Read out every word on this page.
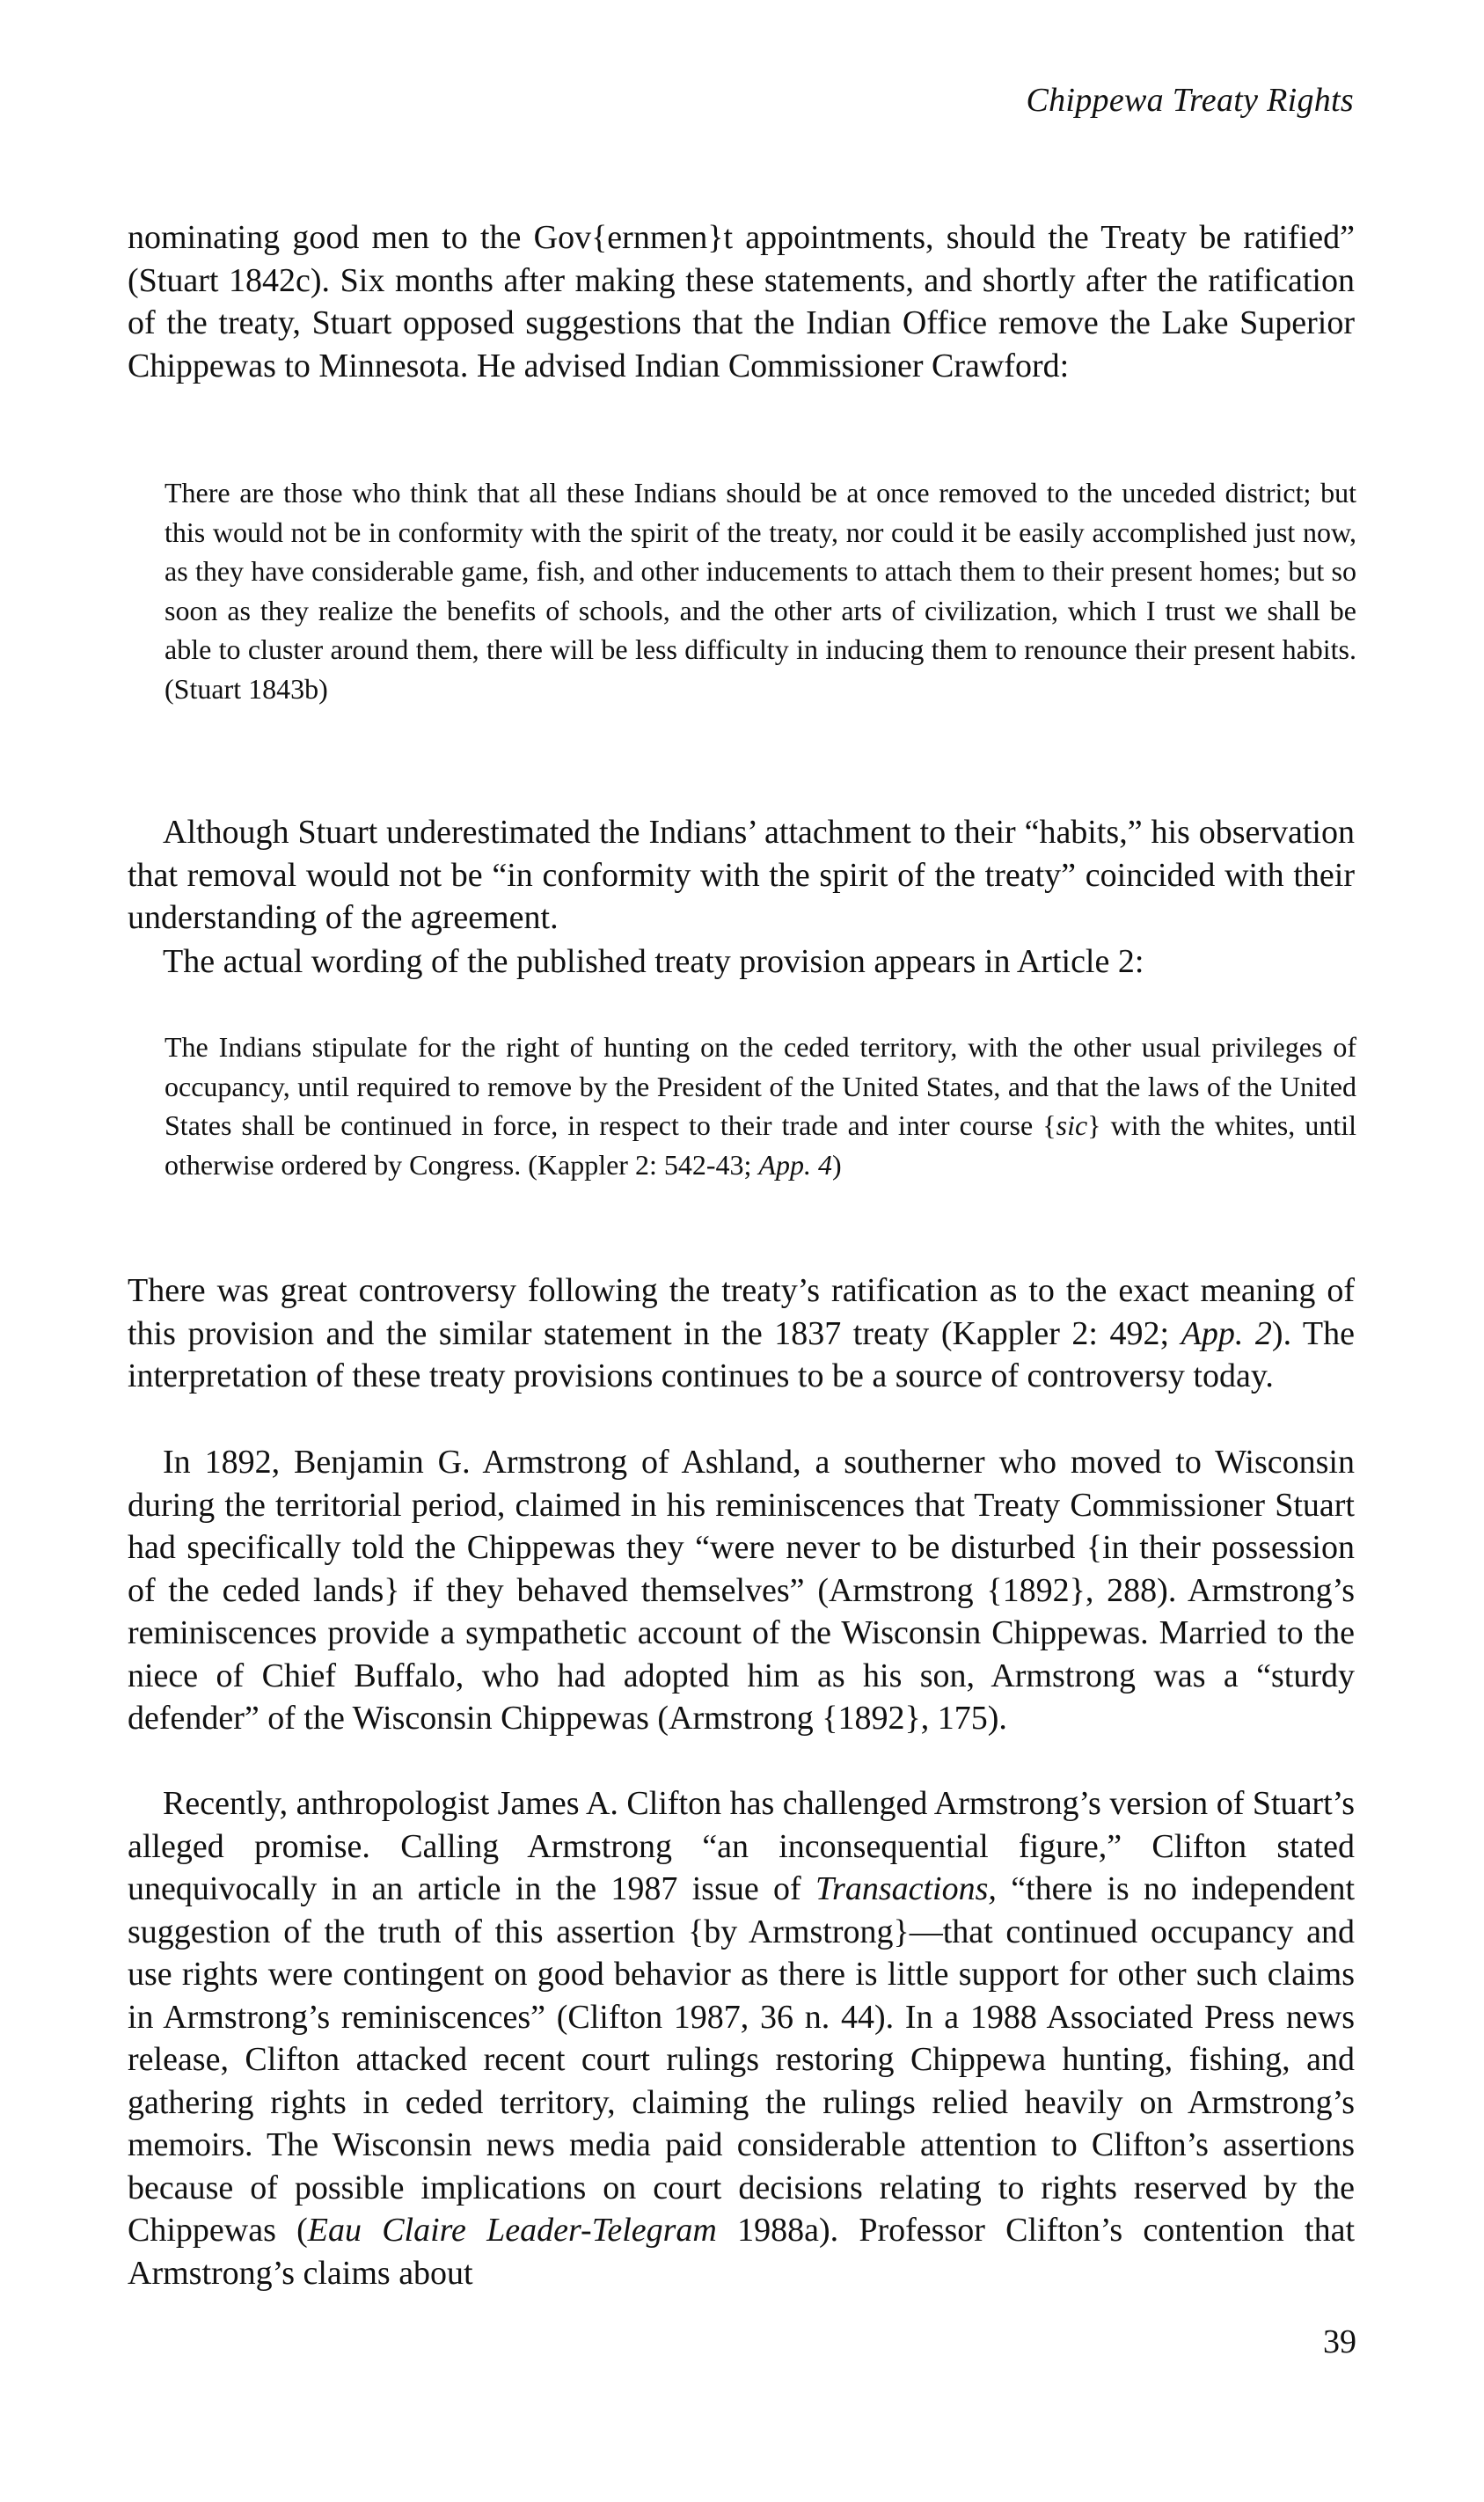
Chippewa Treaty Rights

nominating good men to the Gov{ernmen}t appointments, should the Treaty be ratified” (Stuart 1842c). Six months after making these statements, and shortly after the ratification of the treaty, Stuart opposed suggestions that the Indian Office remove the Lake Superior Chippewas to Minnesota. He advised Indian Commissioner Crawford:

There are those who think that all these Indians should be at once removed to the unceded district; but this would not be in conformity with the spirit of the treaty, nor could it be easily accomplished just now, as they have considerable game, fish, and other inducements to attach them to their present homes; but so soon as they realize the benefits of schools, and the other arts of civilization, which I trust we shall be able to cluster around them, there will be less difficulty in inducing them to renounce their present habits. (Stuart 1843b)

Although Stuart underestimated the Indians’ attachment to their “habits,” his observation that removal would not be “in conformity with the spirit of the treaty” coincided with their understanding of the agreement.

The actual wording of the published treaty provision appears in Article 2:

The Indians stipulate for the right of hunting on the ceded territory, with the other usual privileges of occupancy, until required to remove by the President of the United States, and that the laws of the United States shall be continued in force, in respect to their trade and inter course {sic} with the whites, until otherwise ordered by Congress. (Kappler 2: 542-43; App. 4)

There was great controversy following the treaty’s ratification as to the exact meaning of this provision and the similar statement in the 1837 treaty (Kappler 2: 492; App. 2). The interpretation of these treaty provisions continues to be a source of controversy today.

In 1892, Benjamin G. Armstrong of Ashland, a southerner who moved to Wisconsin during the territorial period, claimed in his reminiscences that Treaty Commissioner Stuart had specifically told the Chippewas they “were never to be disturbed {in their possession of the ceded lands} if they behaved themselves” (Armstrong {1892}, 288). Armstrong’s reminiscences provide a sympathetic account of the Wisconsin Chippewas. Married to the niece of Chief Buffalo, who had adopted him as his son, Armstrong was a “sturdy defender” of the Wisconsin Chippewas (Armstrong {1892}, 175).

Recently, anthropologist James A. Clifton has challenged Armstrong’s version of Stuart’s alleged promise. Calling Armstrong “an inconsequential figure,” Clifton stated unequivocally in an article in the 1987 issue of Transactions, “there is no independent suggestion of the truth of this assertion {by Armstrong}—that continued occupancy and use rights were contingent on good behavior as there is little support for other such claims in Armstrong’s reminiscences” (Clifton 1987, 36 n. 44). In a 1988 Associated Press news release, Clifton attacked recent court rulings restoring Chippewa hunting, fishing, and gathering rights in ceded territory, claiming the rulings relied heavily on Armstrong’s memoirs. The Wisconsin news media paid considerable attention to Clifton’s assertions because of possible implications on court decisions relating to rights reserved by the Chippewas (Eau Claire Leader-Telegram 1988a). Professor Clifton’s contention that Armstrong’s claims about

39
